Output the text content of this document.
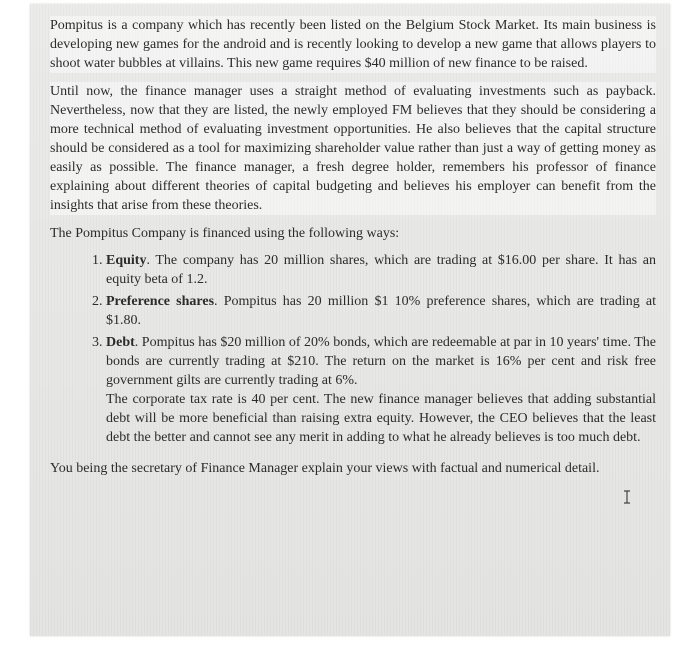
Pompitus is a company which has recently been listed on the Belgium Stock Market. Its main business is developing new games for the android and is recently looking to develop a new game that allows players to shoot water bubbles at villains. This new game requires $40 million of new finance to be raised.

Until now, the finance manager uses a straight method of evaluating investments such as payback. Nevertheless, now that they are listed, the newly employed FM believes that they should be considering a more technical method of evaluating investment opportunities. He also believes that the capital structure should be considered as a tool for maximizing shareholder value rather than just a way of getting money as easily as possible. The finance manager, a fresh degree holder, remembers his professor of finance explaining about different theories of capital budgeting and believes his employer can benefit from the insights that arise from these theories.

The Pompitus Company is financed using the following ways:

1. Equity. The company has 20 million shares, which are trading at $16.00 per share. It has an equity beta of 1.2.
2. Preference shares. Pompitus has 20 million $1 10% preference shares, which are trading at $1.80.
3. Debt. Pompitus has $20 million of 20% bonds, which are redeemable at par in 10 years' time. The bonds are currently trading at $210. The return on the market is 16% per cent and risk free government gilts are currently trading at 6%.
The corporate tax rate is 40 per cent. The new finance manager believes that adding substantial debt will be more beneficial than raising extra equity. However, the CEO believes that the least debt the better and cannot see any merit in adding to what he already believes is too much debt.

You being the secretary of Finance Manager explain your views with factual and numerical detail.
